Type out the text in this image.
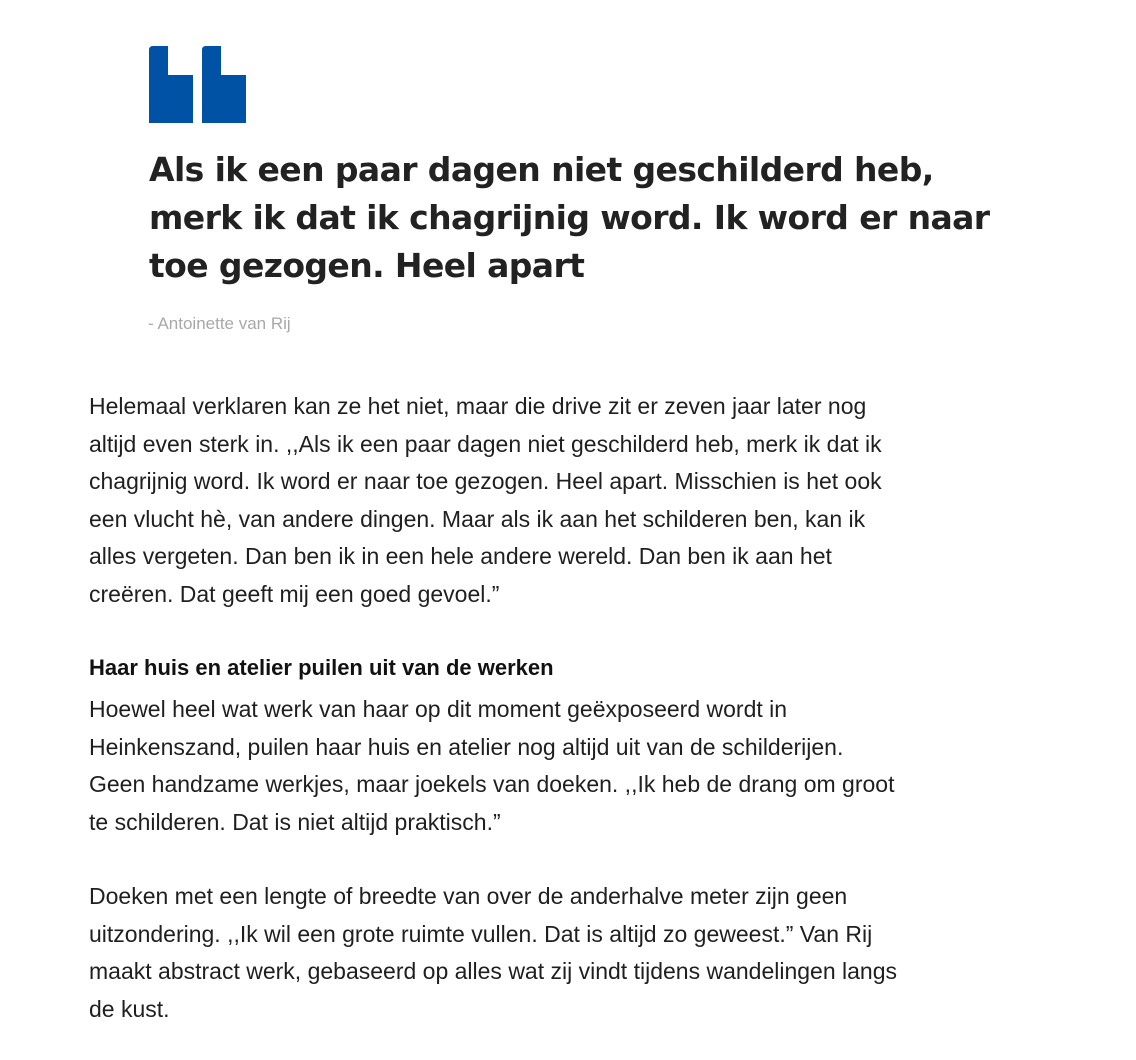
Als ik een paar dagen niet geschilderd heb,
merk ik dat ik chagrijnig word. Ik word er naar
toe gezogen. Heel apart

- Antoinette van Rij

Helemaal verklaren kan ze het niet, maar die drive zit er zeven jaar later nog
altijd even sterk in. ,,Als ik een paar dagen niet geschilderd heb, merk ik dat ik
chagrijnig word. Ik word er naar toe gezogen. Heel apart. Misschien is het ook
een vlucht hè, van andere dingen. Maar als ik aan het schilderen ben, kan ik
alles vergeten. Dan ben ik in een hele andere wereld. Dan ben ik aan het
creëren. Dat geeft mij een goed gevoel.”

Haar huis en atelier puilen uit van de werken

Hoewel heel wat werk van haar op dit moment geëxposeerd wordt in
Heinkenszand, puilen haar huis en atelier nog altijd uit van de schilderijen.
Geen handzame werkjes, maar joekels van doeken. ,,Ik heb de drang om groot
te schilderen. Dat is niet altijd praktisch.”

Doeken met een lengte of breedte van over de anderhalve meter zijn geen
uitzondering. ,,Ik wil een grote ruimte vullen. Dat is altijd zo geweest.” Van Rij
maakt abstract werk, gebaseerd op alles wat zij vindt tijdens wandelingen langs
de kust.
